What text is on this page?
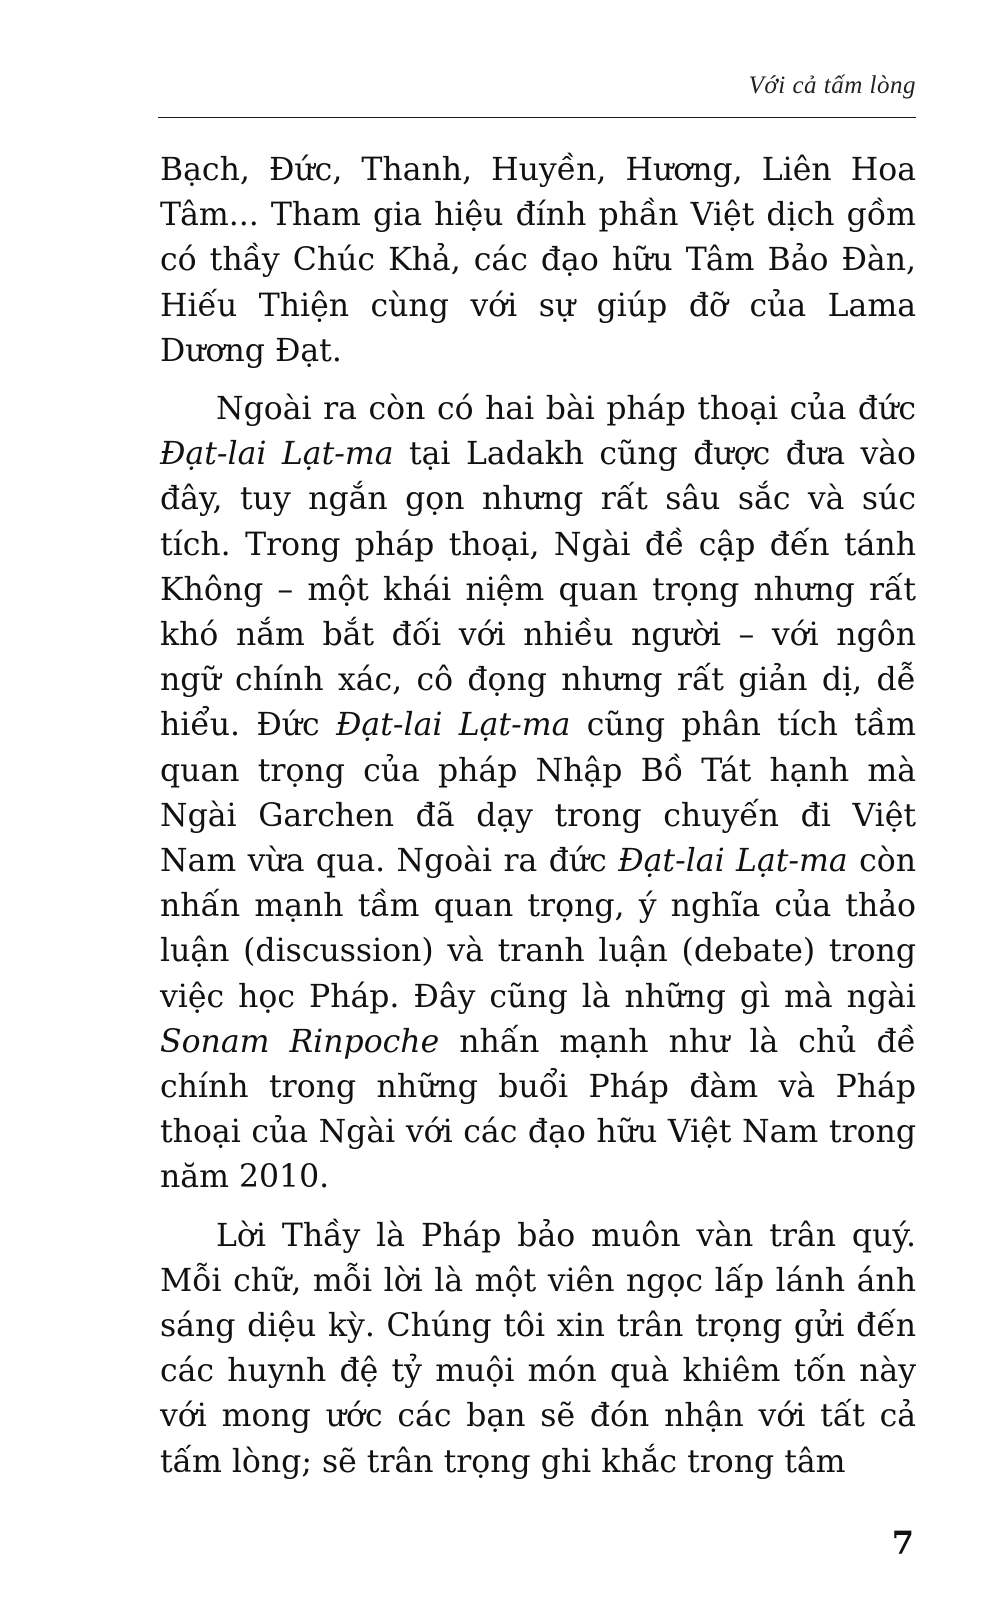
Với cả tấm lòng

Bạch, Đức, Thanh, Huyền, Hương, Liên Hoa Tâm... Tham gia hiệu đính phần Việt dịch gồm có thầy Chúc Khả, các đạo hữu Tâm Bảo Đàn, Hiếu Thiện cùng với sự giúp đỡ của Lama Dương Đạt.

Ngoài ra còn có hai bài pháp thoại của đức Đạt-lai Lạt-ma tại Ladakh cũng được đưa vào đây, tuy ngắn gọn nhưng rất sâu sắc và súc tích. Trong pháp thoại, Ngài đề cập đến tánh Không – một khái niệm quan trọng nhưng rất khó nắm bắt đối với nhiều người – với ngôn ngữ chính xác, cô đọng nhưng rất giản dị, dễ hiểu. Đức Đạt-lai Lạt-ma cũng phân tích tầm quan trọng của pháp Nhập Bồ Tát hạnh mà Ngài Garchen đã dạy trong chuyến đi Việt Nam vừa qua. Ngoài ra đức Đạt-lai Lạt-ma còn nhấn mạnh tầm quan trọng, ý nghĩa của thảo luận (discussion) và tranh luận (debate) trong việc học Pháp. Đây cũng là những gì mà ngài Sonam Rinpoche nhấn mạnh như là chủ đề chính trong những buổi Pháp đàm và Pháp thoại của Ngài với các đạo hữu Việt Nam trong năm 2010.

Lời Thầy là Pháp bảo muôn vàn trân quý. Mỗi chữ, mỗi lời là một viên ngọc lấp lánh ánh sáng diệu kỳ. Chúng tôi xin trân trọng gửi đến các huynh đệ tỷ muội món quà khiêm tốn này với mong ước các bạn sẽ đón nhận với tất cả tấm lòng; sẽ trân trọng ghi khắc trong tâm

7
